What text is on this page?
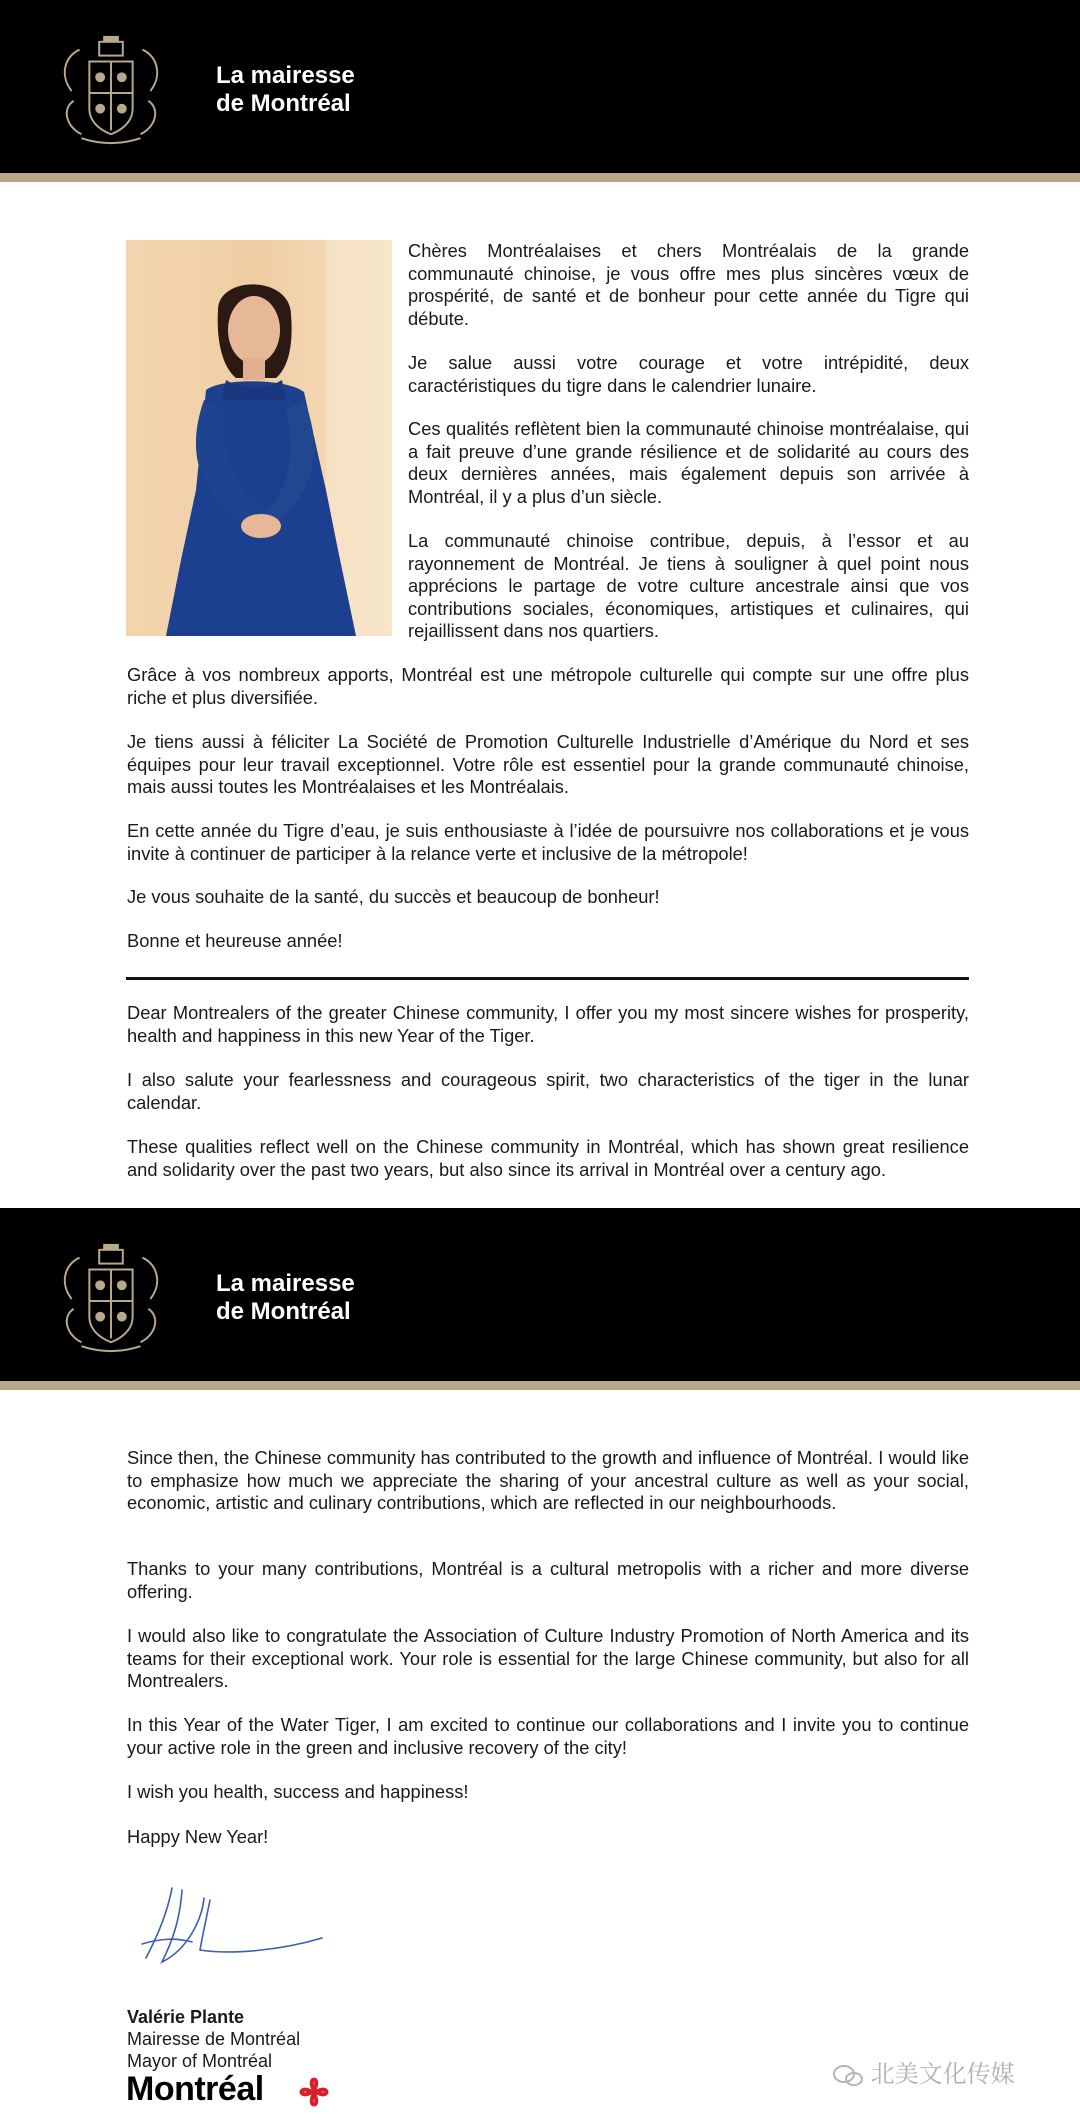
La mairesse
de Montréal

Chères Montréalaises et chers Montréalais de la grande communauté chinoise, je vous offre mes plus sincères vœux de prospérité, de santé et de bonheur pour cette année du Tigre qui débute.

Je salue aussi votre courage et votre intrépidité, deux caractéristiques du tigre dans le calendrier lunaire.

Ces qualités reflètent bien la communauté chinoise montréalaise, qui a fait preuve d’une grande résilience et de solidarité au cours des deux dernières années, mais également depuis son arrivée à Montréal, il y a plus d’un siècle.

La communauté chinoise contribue, depuis, à l’essor et au rayonnement de Montréal. Je tiens à souligner à quel point nous apprécions le partage de votre culture ancestrale ainsi que vos contributions sociales, économiques, artistiques et culinaires, qui rejaillissent dans nos quartiers.

Grâce à vos nombreux apports, Montréal est une métropole culturelle qui compte sur une offre plus riche et plus diversifiée.

Je tiens aussi à féliciter La Société de Promotion Culturelle Industrielle d’Amérique du Nord et ses équipes pour leur travail exceptionnel. Votre rôle est essentiel pour la grande communauté chinoise, mais aussi toutes les Montréalaises et les Montréalais.

En cette année du Tigre d’eau, je suis enthousiaste à l’idée de poursuivre nos collaborations et je vous invite à continuer de participer à la relance verte et inclusive de la métropole!

Je vous souhaite de la santé, du succès et beaucoup de bonheur!

Bonne et heureuse année!

Dear Montrealers of the greater Chinese community, I offer you my most sincere wishes for prosperity, health and happiness in this new Year of the Tiger.

I also salute your fearlessness and courageous spirit, two characteristics of the tiger in the lunar calendar.

These qualities reflect well on the Chinese community in Montréal, which has shown great resilience and solidarity over the past two years, but also since its arrival in Montréal over a century ago.

La mairesse
de Montréal

Since then, the Chinese community has contributed to the growth and influence of Montréal. I would like to emphasize how much we appreciate the sharing of your ancestral culture as well as your social, economic, artistic and culinary contributions, which are reflected in our neighbourhoods.

Thanks to your many contributions, Montréal is a cultural metropolis with a richer and more diverse offering.

I would also like to congratulate the Association of Culture Industry Promotion of North America and its teams for their exceptional work. Your role is essential for the large Chinese community, but also for all Montrealers.

In this Year of the Water Tiger, I am excited to continue our collaborations and I invite you to continue your active role in the green and inclusive recovery of the city!

I wish you health, success and happiness!

Happy New Year!

Valérie Plante
Mairesse de Montréal
Mayor of Montréal
Montréal	北美文化传媒
